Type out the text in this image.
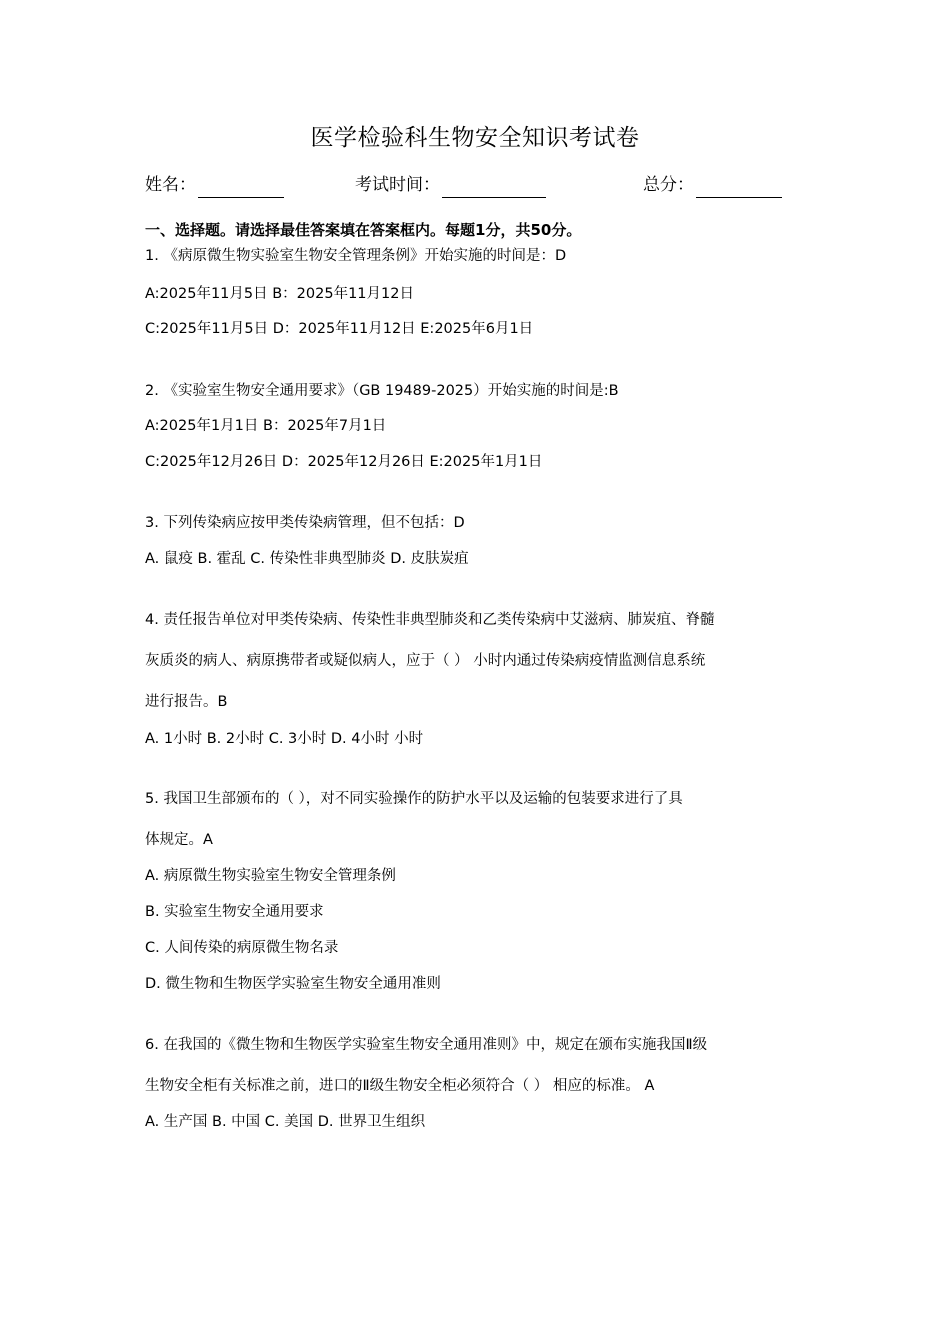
医学检验科生物安全知识考试卷
姓名：	考试时间：	总分：
一、选择题。请选择最佳答案填在答案框内。每题1分，共50分。
1. 《病原微生物实验室生物安全管理条例》开始实施的时间是：D
A:2025年11月5日 B：2025年11月12日
C:2025年11月5日 D：2025年11月12日 E:2025年6月1日
2. 《实验室生物安全通用要求》（GB 19489-2025）开始实施的时间是:B
A:2025年1月1日 B：2025年7月1日
C:2025年12月26日 D：2025年12月26日 E:2025年1月1日
3. 下列传染病应按甲类传染病管理，但不包括：D
A. 鼠疫 B. 霍乱 C. 传染性非典型肺炎 D. 皮肤炭疽
4. 责任报告单位对甲类传染病、传染性非典型肺炎和乙类传染病中艾滋病、肺炭疽、脊髓
灰质炎的病人、病原携带者或疑似病人，应于（ ） 小时内通过传染病疫情监测信息系统
进行报告。B
A. 1小时 B. 2小时 C. 3小时 D. 4小时 小时
5. 我国卫生部颁布的（ ），对不同实验操作的防护水平以及运输的包装要求进行了具
体规定。A
A. 病原微生物实验室生物安全管理条例
B. 实验室生物安全通用要求
C. 人间传染的病原微生物名录
D. 微生物和生物医学实验室生物安全通用准则
6. 在我国的《微生物和生物医学实验室生物安全通用准则》中，规定在颁布实施我国Ⅱ级
生物安全柜有关标准之前，进口的Ⅱ级生物安全柜必须符合（ ） 相应的标准。 A
A. 生产国 B. 中国 C. 美国 D. 世界卫生组织
